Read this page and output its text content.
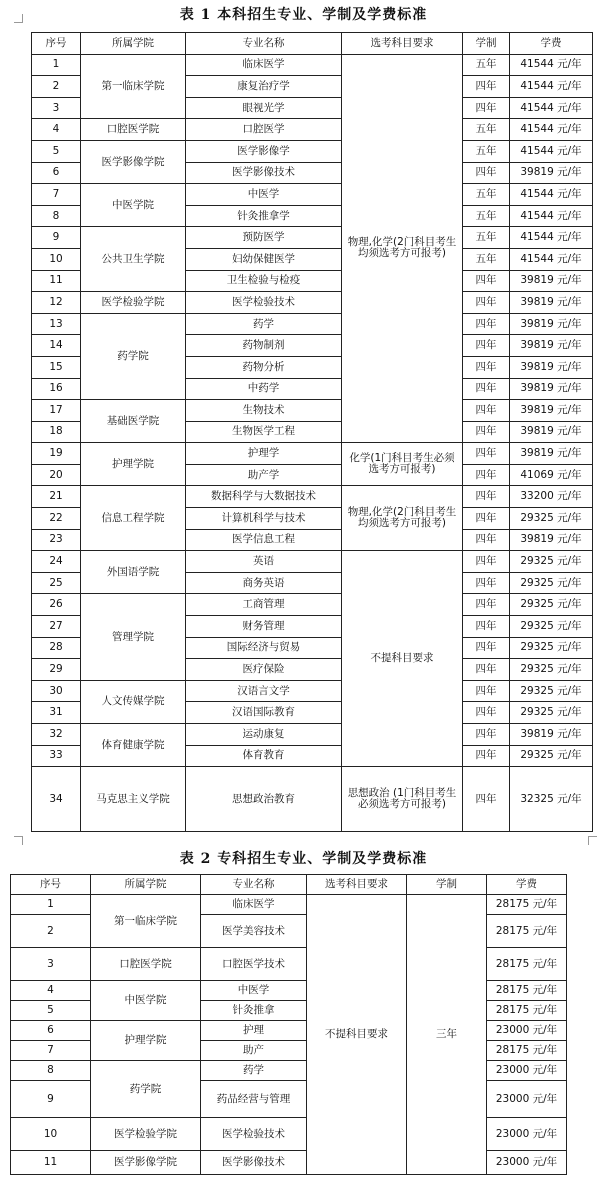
表 1 本科招生专业、学制及学费标准
序号	所属学院	专业名称	选考科目要求	学制	学费
1	第一临床学院	临床医学	物理,化学(2门科目考生均须选考方可报考)	五年	41544 元/年
2		康复治疗学		四年	41544 元/年
3		眼视光学		四年	41544 元/年
4	口腔医学院	口腔医学		五年	41544 元/年
5	医学影像学院	医学影像学		五年	41544 元/年
6		医学影像技术		四年	39819 元/年
7	中医学院	中医学		五年	41544 元/年
8		针灸推拿学		五年	41544 元/年
9	公共卫生学院	预防医学		五年	41544 元/年
10		妇幼保健医学		五年	41544 元/年
11		卫生检验与检疫		四年	39819 元/年
12	医学检验学院	医学检验技术		四年	39819 元/年
13	药学院	药学		四年	39819 元/年
14		药物制剂		四年	39819 元/年
15		药物分析		四年	39819 元/年
16		中药学		四年	39819 元/年
17	基础医学院	生物技术		四年	39819 元/年
18		生物医学工程		四年	39819 元/年
19	护理学院	护理学	化学(1门科目考生必须选考方可报考)	四年	39819 元/年
20		助产学		四年	41069 元/年
21	信息工程学院	数据科学与大数据技术	物理,化学(2门科目考生均须选考方可报考)	四年	33200 元/年
22		计算机科学与技术		四年	29325 元/年
23		医学信息工程		四年	39819 元/年
24	外国语学院	英语	不提科目要求	四年	29325 元/年
25		商务英语		四年	29325 元/年
26	管理学院	工商管理		四年	29325 元/年
27		财务管理		四年	29325 元/年
28		国际经济与贸易		四年	29325 元/年
29		医疗保险		四年	29325 元/年
30	人文传媒学院	汉语言文学		四年	29325 元/年
31		汉语国际教育		四年	29325 元/年
32	体育健康学院	运动康复		四年	39819 元/年
33		体育教育		四年	29325 元/年
34	马克思主义学院	思想政治教育	思想政治 (1门科目考生必须选考方可报考)	四年	32325 元/年
表 2 专科招生专业、学制及学费标准
序号	所属学院	专业名称	选考科目要求	学制	学费
1	第一临床学院	临床医学	不提科目要求	三年	28175 元/年
2		医学美容技术			28175 元/年
3	口腔医学院	口腔医学技术			28175 元/年
4	中医学院	中医学			28175 元/年
5		针灸推拿			28175 元/年
6	护理学院	护理			23000 元/年
7		助产			28175 元/年
8	药学院	药学			23000 元/年
9		药品经营与管理			23000 元/年
10	医学检验学院	医学检验技术			23000 元/年
11	医学影像学院	医学影像技术			23000 元/年
